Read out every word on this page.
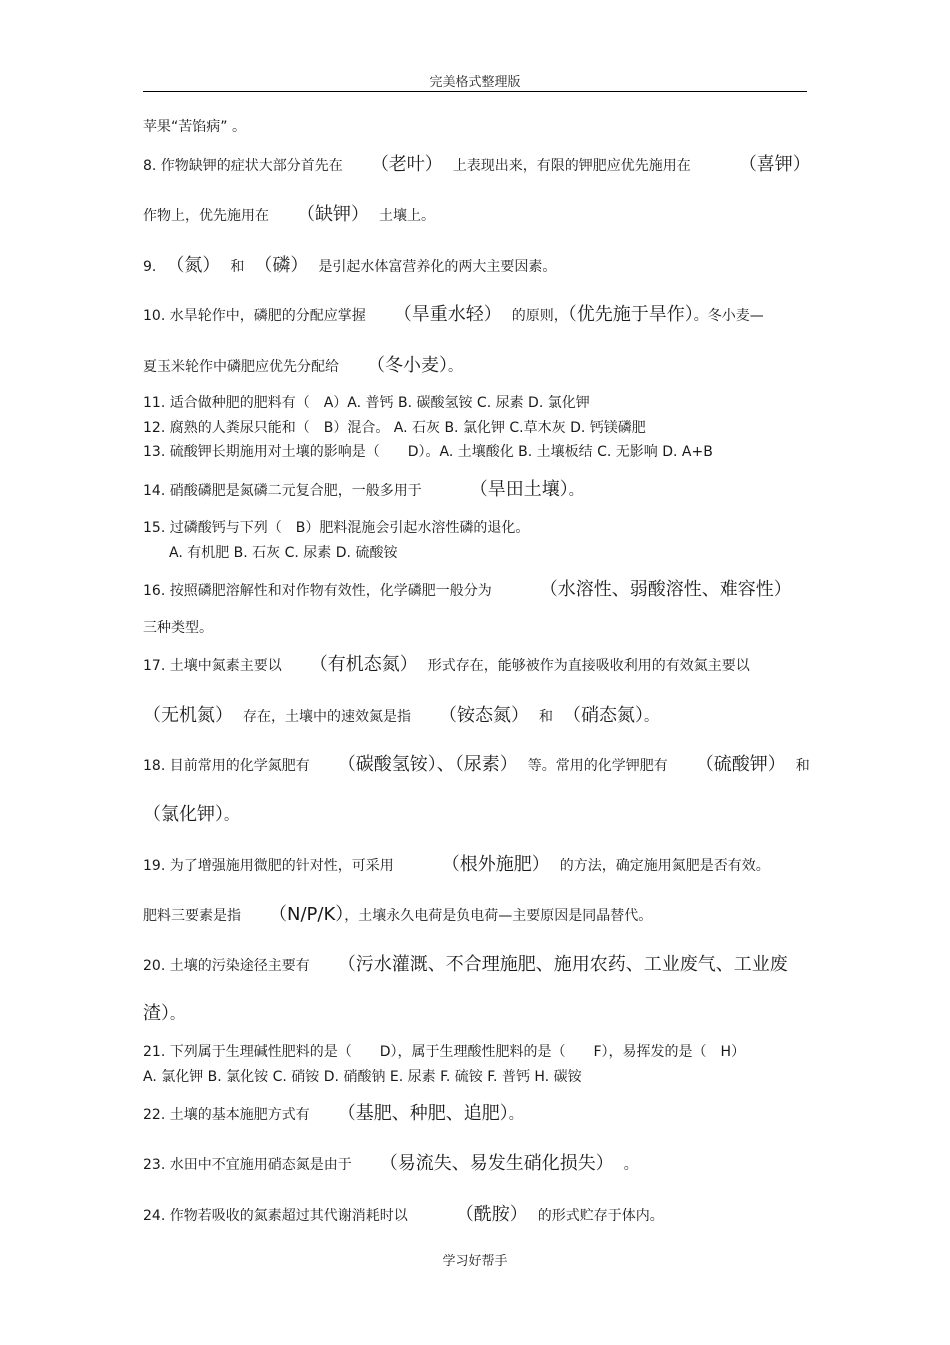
完美格式整理版
苹果“苦馅病” 。
8. 作物缺钾的症状大部分首先在 （老叶） 上表现出来，有限的钾肥应优先施用在	（喜钾）
作物上，优先施用在 （缺钾） 土壤上。
9. （氮） 和 （磷） 是引起水体富营养化的两大主要因素。
10. 水旱轮作中，磷肥的分配应掌握 （旱重水轻） 的原则，（优先施于旱作）。冬小麦—
夏玉米轮作中磷肥应优先分配给 （冬小麦）。
11. 适合做种肥的肥料有（　A）A. 普钙 B. 碳酸氢铵 C. 尿素 D. 氯化钾
12. 腐熟的人粪尿只能和（　B）混合。 A. 石灰 B. 氯化钾 C.草木灰 D. 钙镁磷肥
13. 硫酸钾长期施用对土壤的影响是（　　D）。A. 土壤酸化 B. 土壤板结 C. 无影响 D. A+B
14. 硝酸磷肥是氮磷二元复合肥，一般多用于	（旱田土壤）。
15. 过磷酸钙与下列（　B）肥料混施会引起水溶性磷的退化。
A. 有机肥 B. 石灰 C. 尿素 D. 硫酸铵
16. 按照磷肥溶解性和对作物有效性，化学磷肥一般分为	（水溶性、弱酸溶性、难容性）
三种类型。
17. 土壤中氮素主要以 （有机态氮） 形式存在，能够被作为直接吸收利用的有效氮主要以
（无机氮） 存在，土壤中的速效氮是指 （铵态氮） 和 （硝态氮）。
18. 目前常用的化学氮肥有 （碳酸氢铵）、（尿素） 等。常用的化学钾肥有 （硫酸钾） 和
（氯化钾）。
19. 为了增强施用微肥的针对性，可采用	（根外施肥） 的方法，确定施用氮肥是否有效。
肥料三要素是指 （N/P/K），土壤永久电荷是负电荷—主要原因是同晶替代。
20. 土壤的污染途径主要有 （污水灌溉、不合理施肥、施用农药、工业废气、工业废
渣）。
21. 下列属于生理碱性肥料的是（　　D），属于生理酸性肥料的是（　　F），易挥发的是（　H）
A. 氯化钾 B. 氯化铵 C. 硝铵 D. 硝酸钠 E. 尿素 F. 硫铵 F. 普钙 H. 碳铵
22. 土壤的基本施肥方式有 （基肥、种肥、追肥）。
23. 水田中不宜施用硝态氮是由于 （易流失、易发生硝化损失） 。
24. 作物若吸收的氮素超过其代谢消耗时以	（酰胺） 的形式贮存于体内。
学习好帮手
